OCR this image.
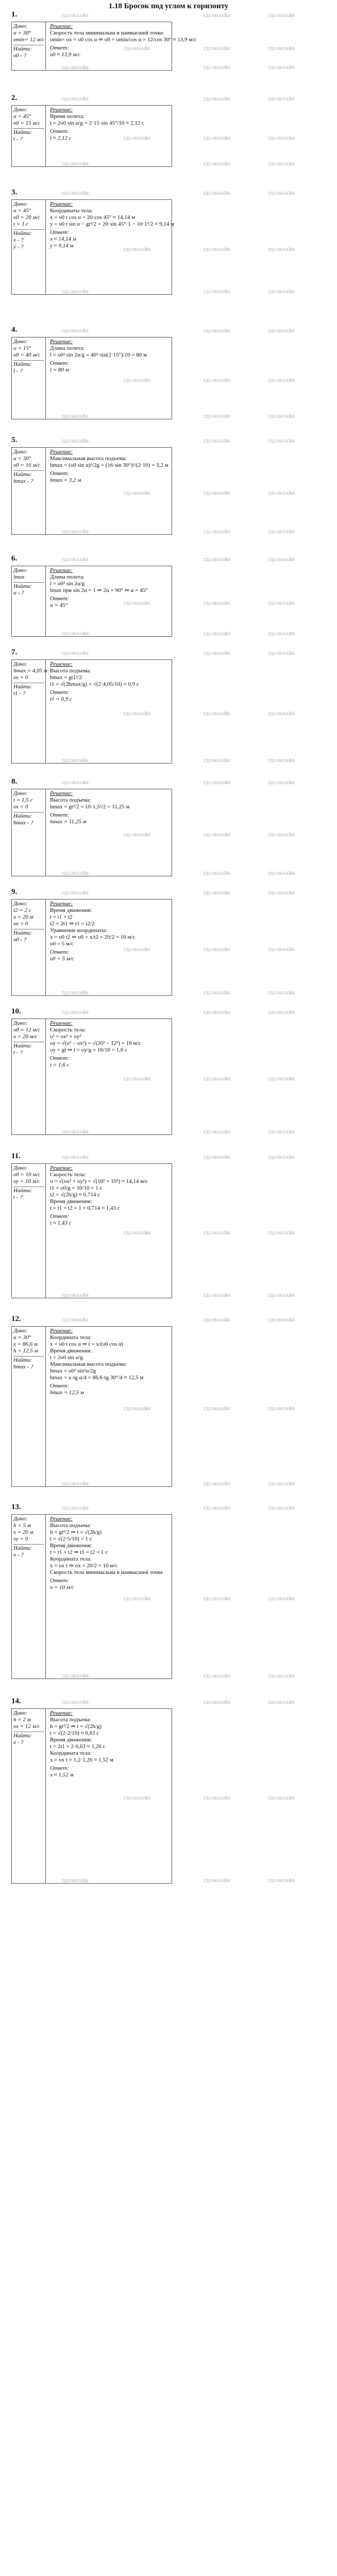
1.18 Бросок под углом к горизонту
1.
Дано:
α = 30°
υmin= 12 м/с
Найти:
υ0 - ?
Решение:
Скорость тела минимальна в наивысшей точке:
υmin= υx = υ0 cos α ⇒ υ0 = υmin/cos α = 12/cos 30° ≈ 13,9 м/с
Ответ:
υ0 ≈ 13,9 м/с
ГДЗ.ОНЛАЙН	ГДЗ.ОНЛАЙН	ГДЗ.ОНЛАЙН
ГДЗ.ОНЛАЙН	ГДЗ.ОНЛАЙН	ГДЗ.ОНЛАЙН
ГДЗ.ОНЛАЙН	ГДЗ.ОНЛАЙН	ГДЗ.ОНЛАЙН
2.
Дано:
α = 45°
υ0 = 15 м/с
Найти:
t - ?
Решение:
Время полета:
t = 2υ0 sin α/g = 2·15·sin 45°/10 ≈ 2,12 с
Ответ:
t ≈ 2,12 с
ГДЗ.ОНЛАЙН	ГДЗ.ОНЛАЙН	ГДЗ.ОНЛАЙН
ГДЗ.ОНЛАЙН	ГДЗ.ОНЛАЙН	ГДЗ.ОНЛАЙН
ГДЗ.ОНЛАЙН	ГДЗ.ОНЛАЙН	ГДЗ.ОНЛАЙН
3.
Дано:
α = 45°
υ0 = 20 м/с
t = 1 с
Найти:
x - ?
y - ?
Решение:
Координаты тела:
x = υ0 t cos α = 20·cos 45° ≈ 14,14 м
y = υ0 t sin α − gt²/2 = 20·sin 45°·1 − 10·1²/2 ≈ 9,14 м
Ответ:
x ≈ 14,14 м
y ≈ 9,14 м
ГДЗ.ОНЛАЙН	ГДЗ.ОНЛАЙН	ГДЗ.ОНЛАЙН
ГДЗ.ОНЛАЙН	ГДЗ.ОНЛАЙН	ГДЗ.ОНЛАЙН
ГДЗ.ОНЛАЙН	ГДЗ.ОНЛАЙН	ГДЗ.ОНЛАЙН
4.
Дано:
α = 15°
υ0 = 40 м/с
Найти:
l - ?
Решение:
Длина полета:
l = υ0² sin 2α/g = 40²·sin(2·15°)/10 = 80 м
Ответ:
l = 80 м
ГДЗ.ОНЛАЙН	ГДЗ.ОНЛАЙН	ГДЗ.ОНЛАЙН
ГДЗ.ОНЛАЙН	ГДЗ.ОНЛАЙН	ГДЗ.ОНЛАЙН
ГДЗ.ОНЛАЙН	ГДЗ.ОНЛАЙН	ГДЗ.ОНЛАЙН
5.
Дано:
α = 30°
υ0 = 16 м/с
Найти:
hmax - ?
Решение:
Максимальная высота подъема:
hmax = (υ0 sin α)²/2g = (16·sin 30°)²/(2·10) = 3,2 м
Ответ:
hmax = 3,2 м
ГДЗ.ОНЛАЙН	ГДЗ.ОНЛАЙН	ГДЗ.ОНЛАЙН
ГДЗ.ОНЛАЙН	ГДЗ.ОНЛАЙН	ГДЗ.ОНЛАЙН
ГДЗ.ОНЛАЙН	ГДЗ.ОНЛАЙН	ГДЗ.ОНЛАЙН
6.
Дано:
lmax
Найти:
α - ?
Решение:
Длина полета:
l = υ0² sin 2α/g
lmax при sin 2α = 1 ⇒ 2α = 90° ⇒ α = 45°
Ответ:
α = 45°
ГДЗ.ОНЛАЙН	ГДЗ.ОНЛАЙН	ГДЗ.ОНЛАЙН
ГДЗ.ОНЛАЙН	ГДЗ.ОНЛАЙН	ГДЗ.ОНЛАЙН
ГДЗ.ОНЛАЙН	ГДЗ.ОНЛАЙН	ГДЗ.ОНЛАЙН
7.
Дано:
hmax = 4,05 м
υx = 0
Найти:
t1 - ?
Решение:
Высота подъема:
hmax = gt1²/2
t1 = √(2hmax/g) = √(2·4,05/10) = 0,9 с
Ответ:
t1 = 0,9 с
ГДЗ.ОНЛАЙН	ГДЗ.ОНЛАЙН	ГДЗ.ОНЛАЙН
ГДЗ.ОНЛАЙН	ГДЗ.ОНЛАЙН	ГДЗ.ОНЛАЙН
ГДЗ.ОНЛАЙН	ГДЗ.ОНЛАЙН	ГДЗ.ОНЛАЙН
8.
Дано:
t = 1,5 с
υx = 0
Найти:
hmax - ?
Решение:
Высота подъема:
hmax = gt²/2 = 10·1,5²/2 = 11,25 м
Ответ:
hmax = 11,25 м
ГДЗ.ОНЛАЙН	ГДЗ.ОНЛАЙН	ГДЗ.ОНЛАЙН
ГДЗ.ОНЛАЙН	ГДЗ.ОНЛАЙН	ГДЗ.ОНЛАЙН
ГДЗ.ОНЛАЙН	ГДЗ.ОНЛАЙН	ГДЗ.ОНЛАЙН
9.
Дано:
t2 = 2 с
x = 20 м
υx = 0
Найти:
υ0 - ?
Решение:
Время движения:
t = t1 + t2
t2 = 2t1 ⇒ t1 = t2/2
Уравнение координаты:
x = υ0 t2 ⇒ υ0 = x/t2 = 20/2 = 10 м/с
υ0 = 5 м/с
Ответ:
υ0 = 5 м/с
ГДЗ.ОНЛАЙН	ГДЗ.ОНЛАЙН	ГДЗ.ОНЛАЙН
ГДЗ.ОНЛАЙН	ГДЗ.ОНЛАЙН	ГДЗ.ОНЛАЙН
ГДЗ.ОНЛАЙН	ГДЗ.ОНЛАЙН	ГДЗ.ОНЛАЙН
10.
Дано:
υ0 = 12 м/с
υ = 20 м/с
Найти:
t - ?
Решение:
Скорость тела:
υ² = υx² + υy²
υy = √(υ² − υx²) = √(20² − 12²) = 16 м/с
υy = gt ⇒ t = υy/g = 16/10 = 1,6 с
Ответ:
t = 1,6 с
ГДЗ.ОНЛАЙН	ГДЗ.ОНЛАЙН	ГДЗ.ОНЛАЙН
ГДЗ.ОНЛАЙН	ГДЗ.ОНЛАЙН	ГДЗ.ОНЛАЙН
ГДЗ.ОНЛАЙН	ГДЗ.ОНЛАЙН	ГДЗ.ОНЛАЙН
11.
Дано:
υ0 = 10 м/с
υy = 10 м/с
Найти:
t - ?
Решение:
Скорость тела:
υ = √(υx² + υy²) = √(10² + 10²) ≈ 14,14 м/с
t1 = υ0/g = 10/10 = 1 с
t2 = √(2h/g) ≈ 0,714 с
Время движения:
t = t1 + t2 = 1 + 0,714 ≈ 1,43 с
Ответ:
t ≈ 1,43 с
ГДЗ.ОНЛАЙН	ГДЗ.ОНЛАЙН	ГДЗ.ОНЛАЙН
ГДЗ.ОНЛАЙН	ГДЗ.ОНЛАЙН	ГДЗ.ОНЛАЙН
ГДЗ.ОНЛАЙН	ГДЗ.ОНЛАЙН	ГДЗ.ОНЛАЙН
12.
Дано:
α = 30°
x = 86,6 м
h = 12,5 м
Найти:
hmax - ?
Решение:
Координата тела:
x = υ0 t cos α ⇒ t = x/(υ0 cos α)
Время движения:
t = 2υ0 sin α/g
Максимальная высота подъема:
hmax = υ0² sin²α/2g
hmax = x·tg α/4 = 86,6·tg 30°/4 ≈ 12,5 м
Ответ:
hmax = 12,5 м
ГДЗ.ОНЛАЙН	ГДЗ.ОНЛАЙН	ГДЗ.ОНЛАЙН
ГДЗ.ОНЛАЙН	ГДЗ.ОНЛАЙН	ГДЗ.ОНЛАЙН
ГДЗ.ОНЛАЙН	ГДЗ.ОНЛАЙН	ГДЗ.ОНЛАЙН
13.
Дано:
h = 5 м
x = 20 м
υy = 0
Найти:
υ - ?
Решение:
Высота подъема:
h = gt²/2 ⇒ t = √(2h/g)
t = √(2·5/10) = 1 с
Время движения:
t = t1 + t2 ⇒ t1 = t2 = 1 с
Координата тела:
x = υx t ⇒ υx = 20/2 = 10 м/с
Скорость тела минимальна в наивысшей точке
Ответ:
υ = 10 м/с
ГДЗ.ОНЛАЙН	ГДЗ.ОНЛАЙН	ГДЗ.ОНЛАЙН
ГДЗ.ОНЛАЙН	ГДЗ.ОНЛАЙН	ГДЗ.ОНЛАЙН
ГДЗ.ОНЛАЙН	ГДЗ.ОНЛАЙН	ГДЗ.ОНЛАЙН
14.
Дано:
h = 2 м
υx = 12 м/с
Найти:
x - ?
Решение:
Высота подъема:
h = gt²/2 ⇒ t = √(2h/g)
t = √(2·2/10) ≈ 0,63 с
Время движения:
t = 2t1 = 2·0,63 ≈ 1,26 с
Координата тела:
x = υx t = 1,2·1,26 ≈ 1,52 м
Ответ:
x ≈ 1,52 м
ГДЗ.ОНЛАЙН	ГДЗ.ОНЛАЙН	ГДЗ.ОНЛАЙН
ГДЗ.ОНЛАЙН	ГДЗ.ОНЛАЙН	ГДЗ.ОНЛАЙН
ГДЗ.ОНЛАЙН	ГДЗ.ОНЛАЙН	ГДЗ.ОНЛАЙН
